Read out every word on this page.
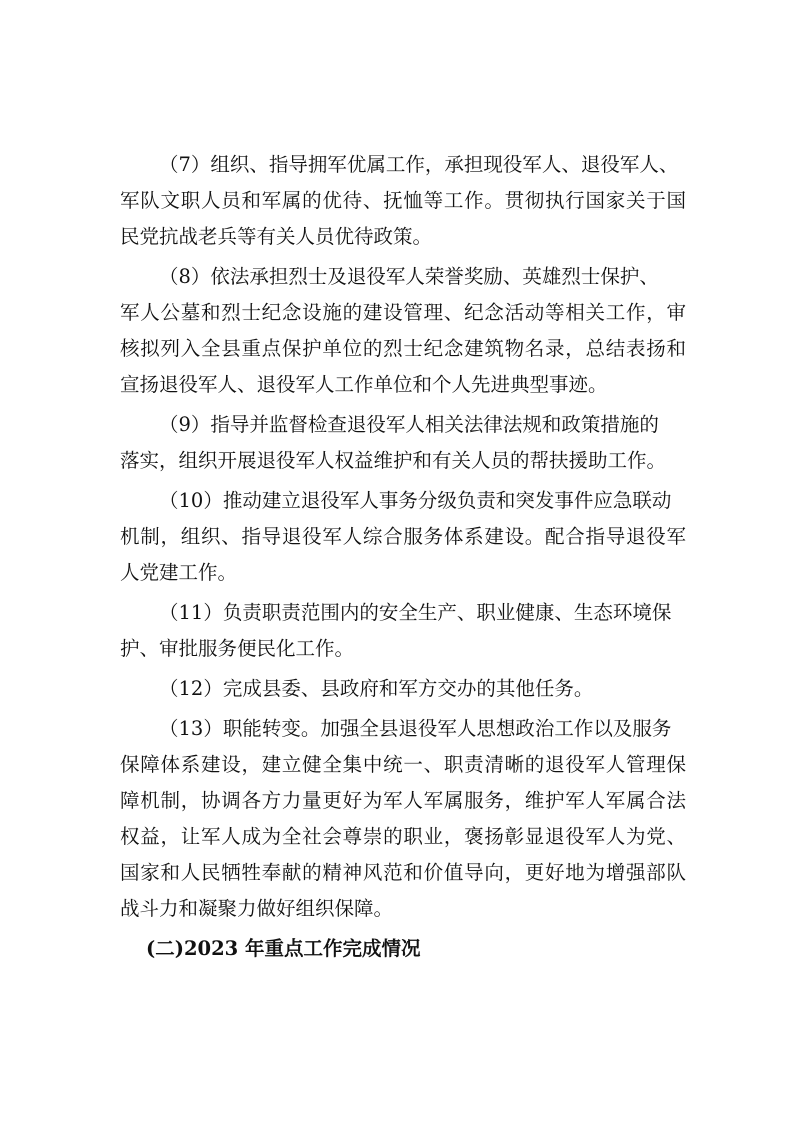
（7）组织、指导拥军优属工作，承担现役军人、退役军人、
军队文职人员和军属的优待、抚恤等工作。贯彻执行国家关于国
民党抗战老兵等有关人员优待政策。
（8）依法承担烈士及退役军人荣誉奖励、英雄烈士保护、
军人公墓和烈士纪念设施的建设管理、纪念活动等相关工作，审
核拟列入全县重点保护单位的烈士纪念建筑物名录，总结表扬和
宣扬退役军人、退役军人工作单位和个人先进典型事迹。
（9）指导并监督检查退役军人相关法律法规和政策措施的
落实，组织开展退役军人权益维护和有关人员的帮扶援助工作。
（10）推动建立退役军人事务分级负责和突发事件应急联动
机制，组织、指导退役军人综合服务体系建设。配合指导退役军
人党建工作。
（11）负责职责范围内的安全生产、职业健康、生态环境保
护、审批服务便民化工作。
（12）完成县委、县政府和军方交办的其他任务。
（13）职能转变。加强全县退役军人思想政治工作以及服务
保障体系建设，建立健全集中统一、职责清晰的退役军人管理保
障机制，协调各方力量更好为军人军属服务，维护军人军属合法
权益，让军人成为全社会尊崇的职业，褒扬彰显退役军人为党、
国家和人民牺牲奉献的精神风范和价值导向，更好地为增强部队
战斗力和凝聚力做好组织保障。
(二)2023 年重点工作完成情况
